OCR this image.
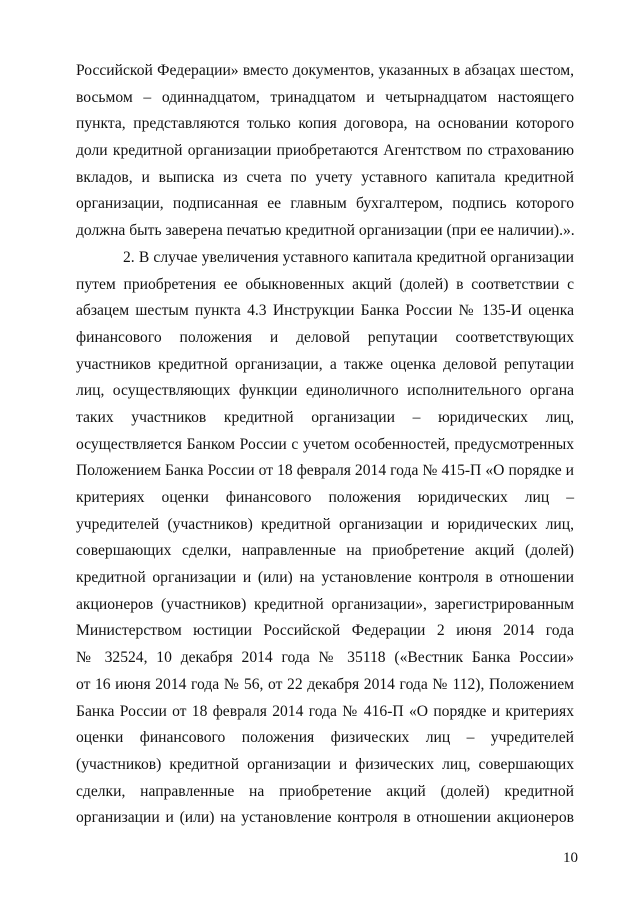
Российской Федерации» вместо документов, указанных в абзацах шестом,
восьмом – одиннадцатом, тринадцатом и четырнадцатом настоящего
пункта, представляются только копия договора, на основании которого
доли кредитной организации приобретаются Агентством по страхованию
вкладов, и выписка из счета по учету уставного капитала кредитной
организации, подписанная ее главным бухгалтером, подпись которого
должна быть заверена печатью кредитной организации (при ее наличии).».
2. В случае увеличения уставного капитала кредитной организации
путем приобретения ее обыкновенных акций (долей) в соответствии с
абзацем шестым пункта 4.3 Инструкции Банка России № 135-И оценка
финансового положения и деловой репутации соответствующих
участников кредитной организации, а также оценка деловой репутации
лиц, осуществляющих функции единоличного исполнительного органа
таких участников кредитной организации – юридических лиц,
осуществляется Банком России с учетом особенностей, предусмотренных
Положением Банка России от 18 февраля 2014 года № 415-П «О порядке и
критериях оценки финансового положения юридических лиц –
учредителей (участников) кредитной организации и юридических лиц,
совершающих сделки, направленные на приобретение акций (долей)
кредитной организации и (или) на установление контроля в отношении
акционеров (участников) кредитной организации», зарегистрированным
Министерством юстиции Российской Федерации 2 июня 2014 года
№ 32524, 10 декабря 2014 года № 35118 («Вестник Банка России»
от 16 июня 2014 года № 56, от 22 декабря 2014 года № 112), Положением
Банка России от 18 февраля 2014 года № 416-П «О порядке и критериях
оценки финансового положения физических лиц – учредителей
(участников) кредитной организации и физических лиц, совершающих
сделки, направленные на приобретение акций (долей) кредитной
организации и (или) на установление контроля в отношении акционеров
10
